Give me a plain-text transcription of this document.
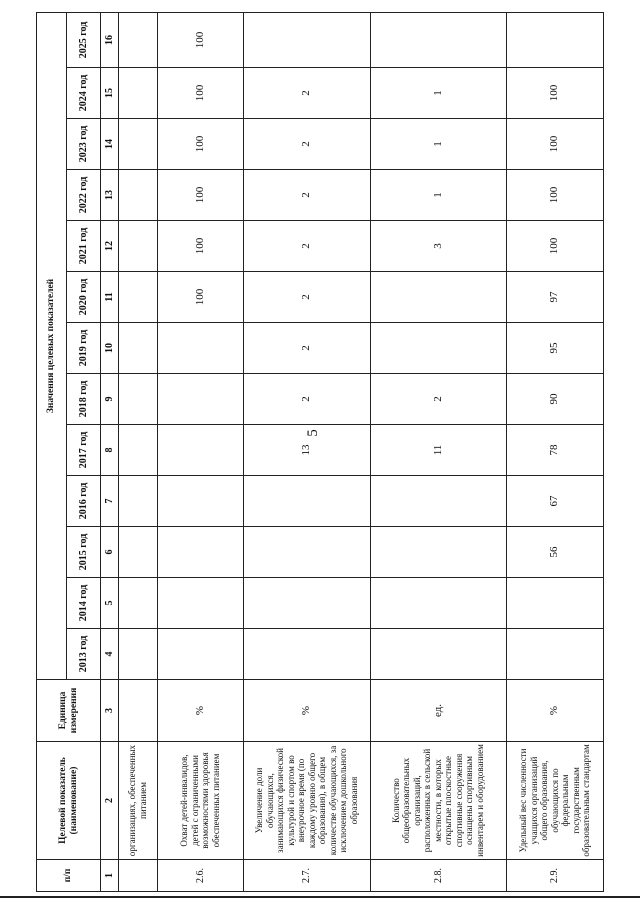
5
п/п	Целевой показатель (наименование)	Единица измерения	Значения целевых показателей												
			2013 год	2014 год	2015 год	2016 год	2017 год	2018 год	2019 год	2020 год	2021 год	2022 год	2023 год	2024 год	2025 год
1	2	3	4	5	6	7	8	9	10	11	12	13	14	15	16
	организациях, обеспеченных питанием														
2.6.	Охват детей-инвалидов, детей с ограниченными возможностями здоровья обеспеченных питанием	%								100	100	100	100	100	100
2.7.	Увеличение доли обучающихся, занимающихся физической культурой и спортом во внеурочное время (по каждому уровню общего образования), в общем количестве обучающихся, за исключением дошкольного образования	%					13	2	2	2	2	2	2	2	
2.8.	Количество общеобразовательных организаций, расположенных в сельской местности, в которых открытые плоскостные спортивные сооружения оснащены спортивным инвентарем и оборудованием	ед.					11	2			3	1	1	1	
2.9.	Удельный вес численности учащихся организаций общего образования, обучающихся по федеральным государственным образовательным стандартам	%			56	67	78	90	95	97	100	100	100	100	
